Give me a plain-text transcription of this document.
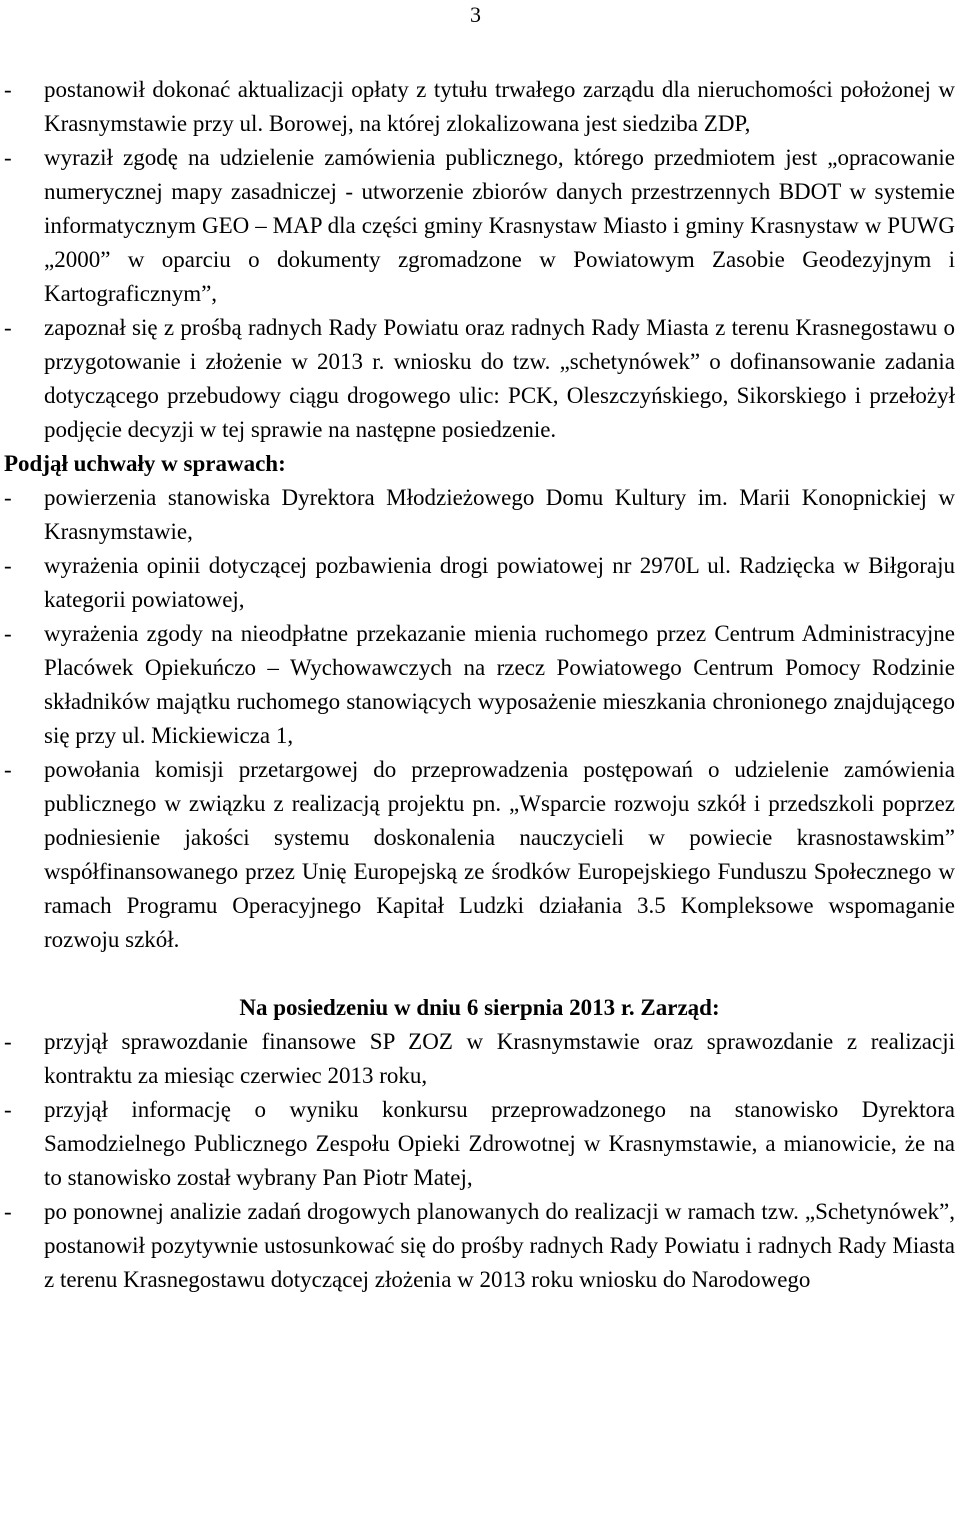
3
- postanowił dokonać aktualizacji opłaty z tytułu trwałego zarządu dla nieruchomości położonej w Krasnymstawie przy ul. Borowej, na której zlokalizowana jest siedziba ZDP,
- wyraził zgodę na udzielenie zamówienia publicznego, którego przedmiotem jest „opracowanie numerycznej mapy zasadniczej - utworzenie zbiorów danych przestrzennych BDOT w systemie informatycznym GEO – MAP dla części gminy Krasnystaw Miasto i gminy Krasnystaw w PUWG „2000” w oparciu o dokumenty zgromadzone w Powiatowym Zasobie Geodezyjnym i Kartograficznym”,
- zapoznał się z prośbą radnych Rady Powiatu oraz radnych Rady Miasta z terenu Krasnegostawu o przygotowanie i złożenie w 2013 r. wniosku do tzw. „schetynówek” o dofinansowanie zadania dotyczącego przebudowy ciągu drogowego ulic: PCK, Oleszczyńskiego, Sikorskiego i przełożył podjęcie decyzji w tej sprawie na następne posiedzenie.
Podjął uchwały w sprawach:
- powierzenia stanowiska Dyrektora Młodzieżowego Domu Kultury im. Marii Konopnickiej w Krasnymstawie,
- wyrażenia opinii dotyczącej pozbawienia drogi powiatowej nr 2970L ul. Radzięcka w Biłgoraju kategorii powiatowej,
- wyrażenia zgody na nieodpłatne przekazanie mienia ruchomego przez Centrum Administracyjne Placówek Opiekuńczo – Wychowawczych na rzecz Powiatowego Centrum Pomocy Rodzinie składników majątku ruchomego stanowiących wyposażenie mieszkania chronionego znajdującego się przy ul. Mickiewicza 1,
- powołania komisji przetargowej do przeprowadzenia postępowań o udzielenie zamówienia publicznego w związku z realizacją projektu pn. „Wsparcie rozwoju szkół i przedszkoli poprzez podniesienie jakości systemu doskonalenia nauczycieli w powiecie krasnostawskim” współfinansowanego przez Unię Europejską ze środków Europejskiego Funduszu Społecznego w ramach Programu Operacyjnego Kapitał Ludzki działania 3.5 Kompleksowe wspomaganie rozwoju szkół.
Na posiedzeniu w dniu 6 sierpnia 2013 r. Zarząd:
- przyjął sprawozdanie finansowe SP ZOZ w Krasnymstawie oraz sprawozdanie z realizacji kontraktu za miesiąc czerwiec 2013 roku,
- przyjął informację o wyniku konkursu przeprowadzonego na stanowisko Dyrektora Samodzielnego Publicznego Zespołu Opieki Zdrowotnej w Krasnymstawie, a mianowicie, że na to stanowisko został wybrany Pan Piotr Matej,
- po ponownej analizie zadań drogowych planowanych do realizacji w ramach tzw. „Schetynówek”, postanowił pozytywnie ustosunkować się do prośby radnych Rady Powiatu i radnych Rady Miasta z terenu Krasnegostawu dotyczącej złożenia w 2013 roku wniosku do Narodowego
